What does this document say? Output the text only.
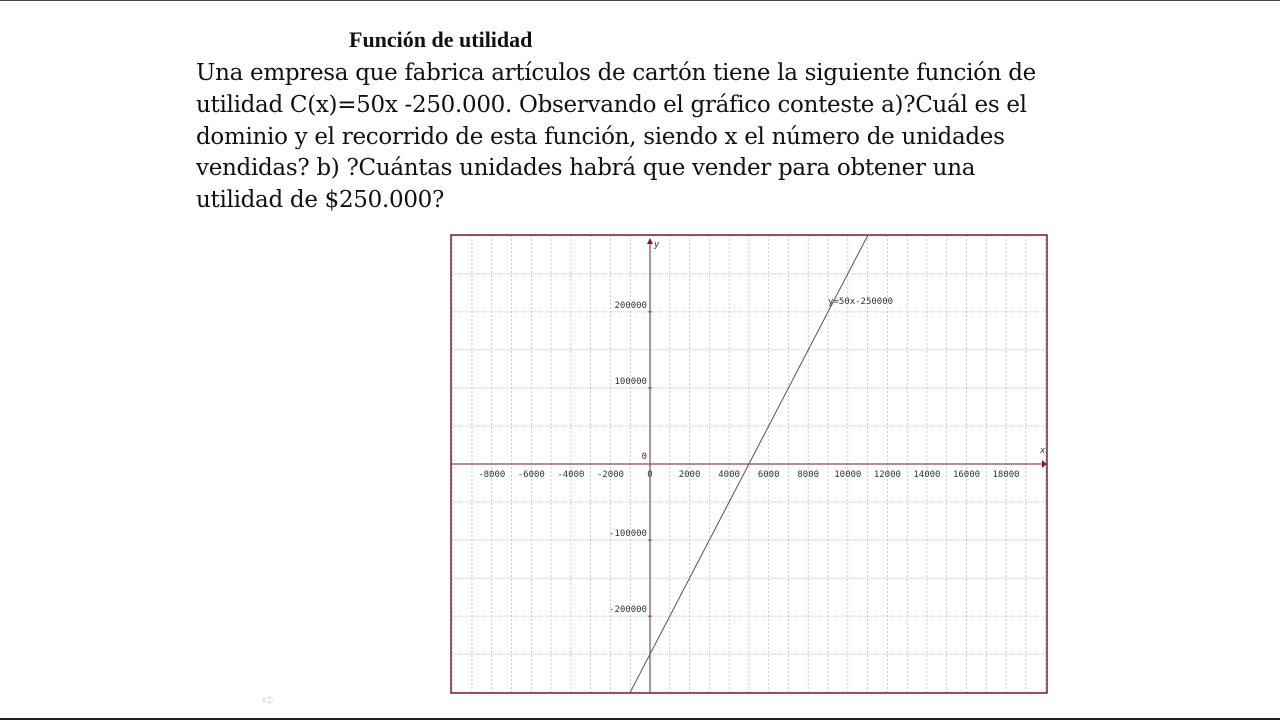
Función de utilidad
Una empresa que fabrica artículos de cartón tiene la siguiente función de
utilidad C(x)=50x -250.000. Observando el gráfico conteste a)?Cuál es el
dominio y el recorrido de esta función, siendo x el número de unidades
vendidas? b) ?Cuántas unidades habrá que vender para obtener una
utilidad de $250.000?
x
y
-8000 -6000 -4000 -2000	0	2000 4000 6000 8000 10000 12000 14000 16000 18000
200000
100000
0
-100000
-200000
y=50x-250000
➪
